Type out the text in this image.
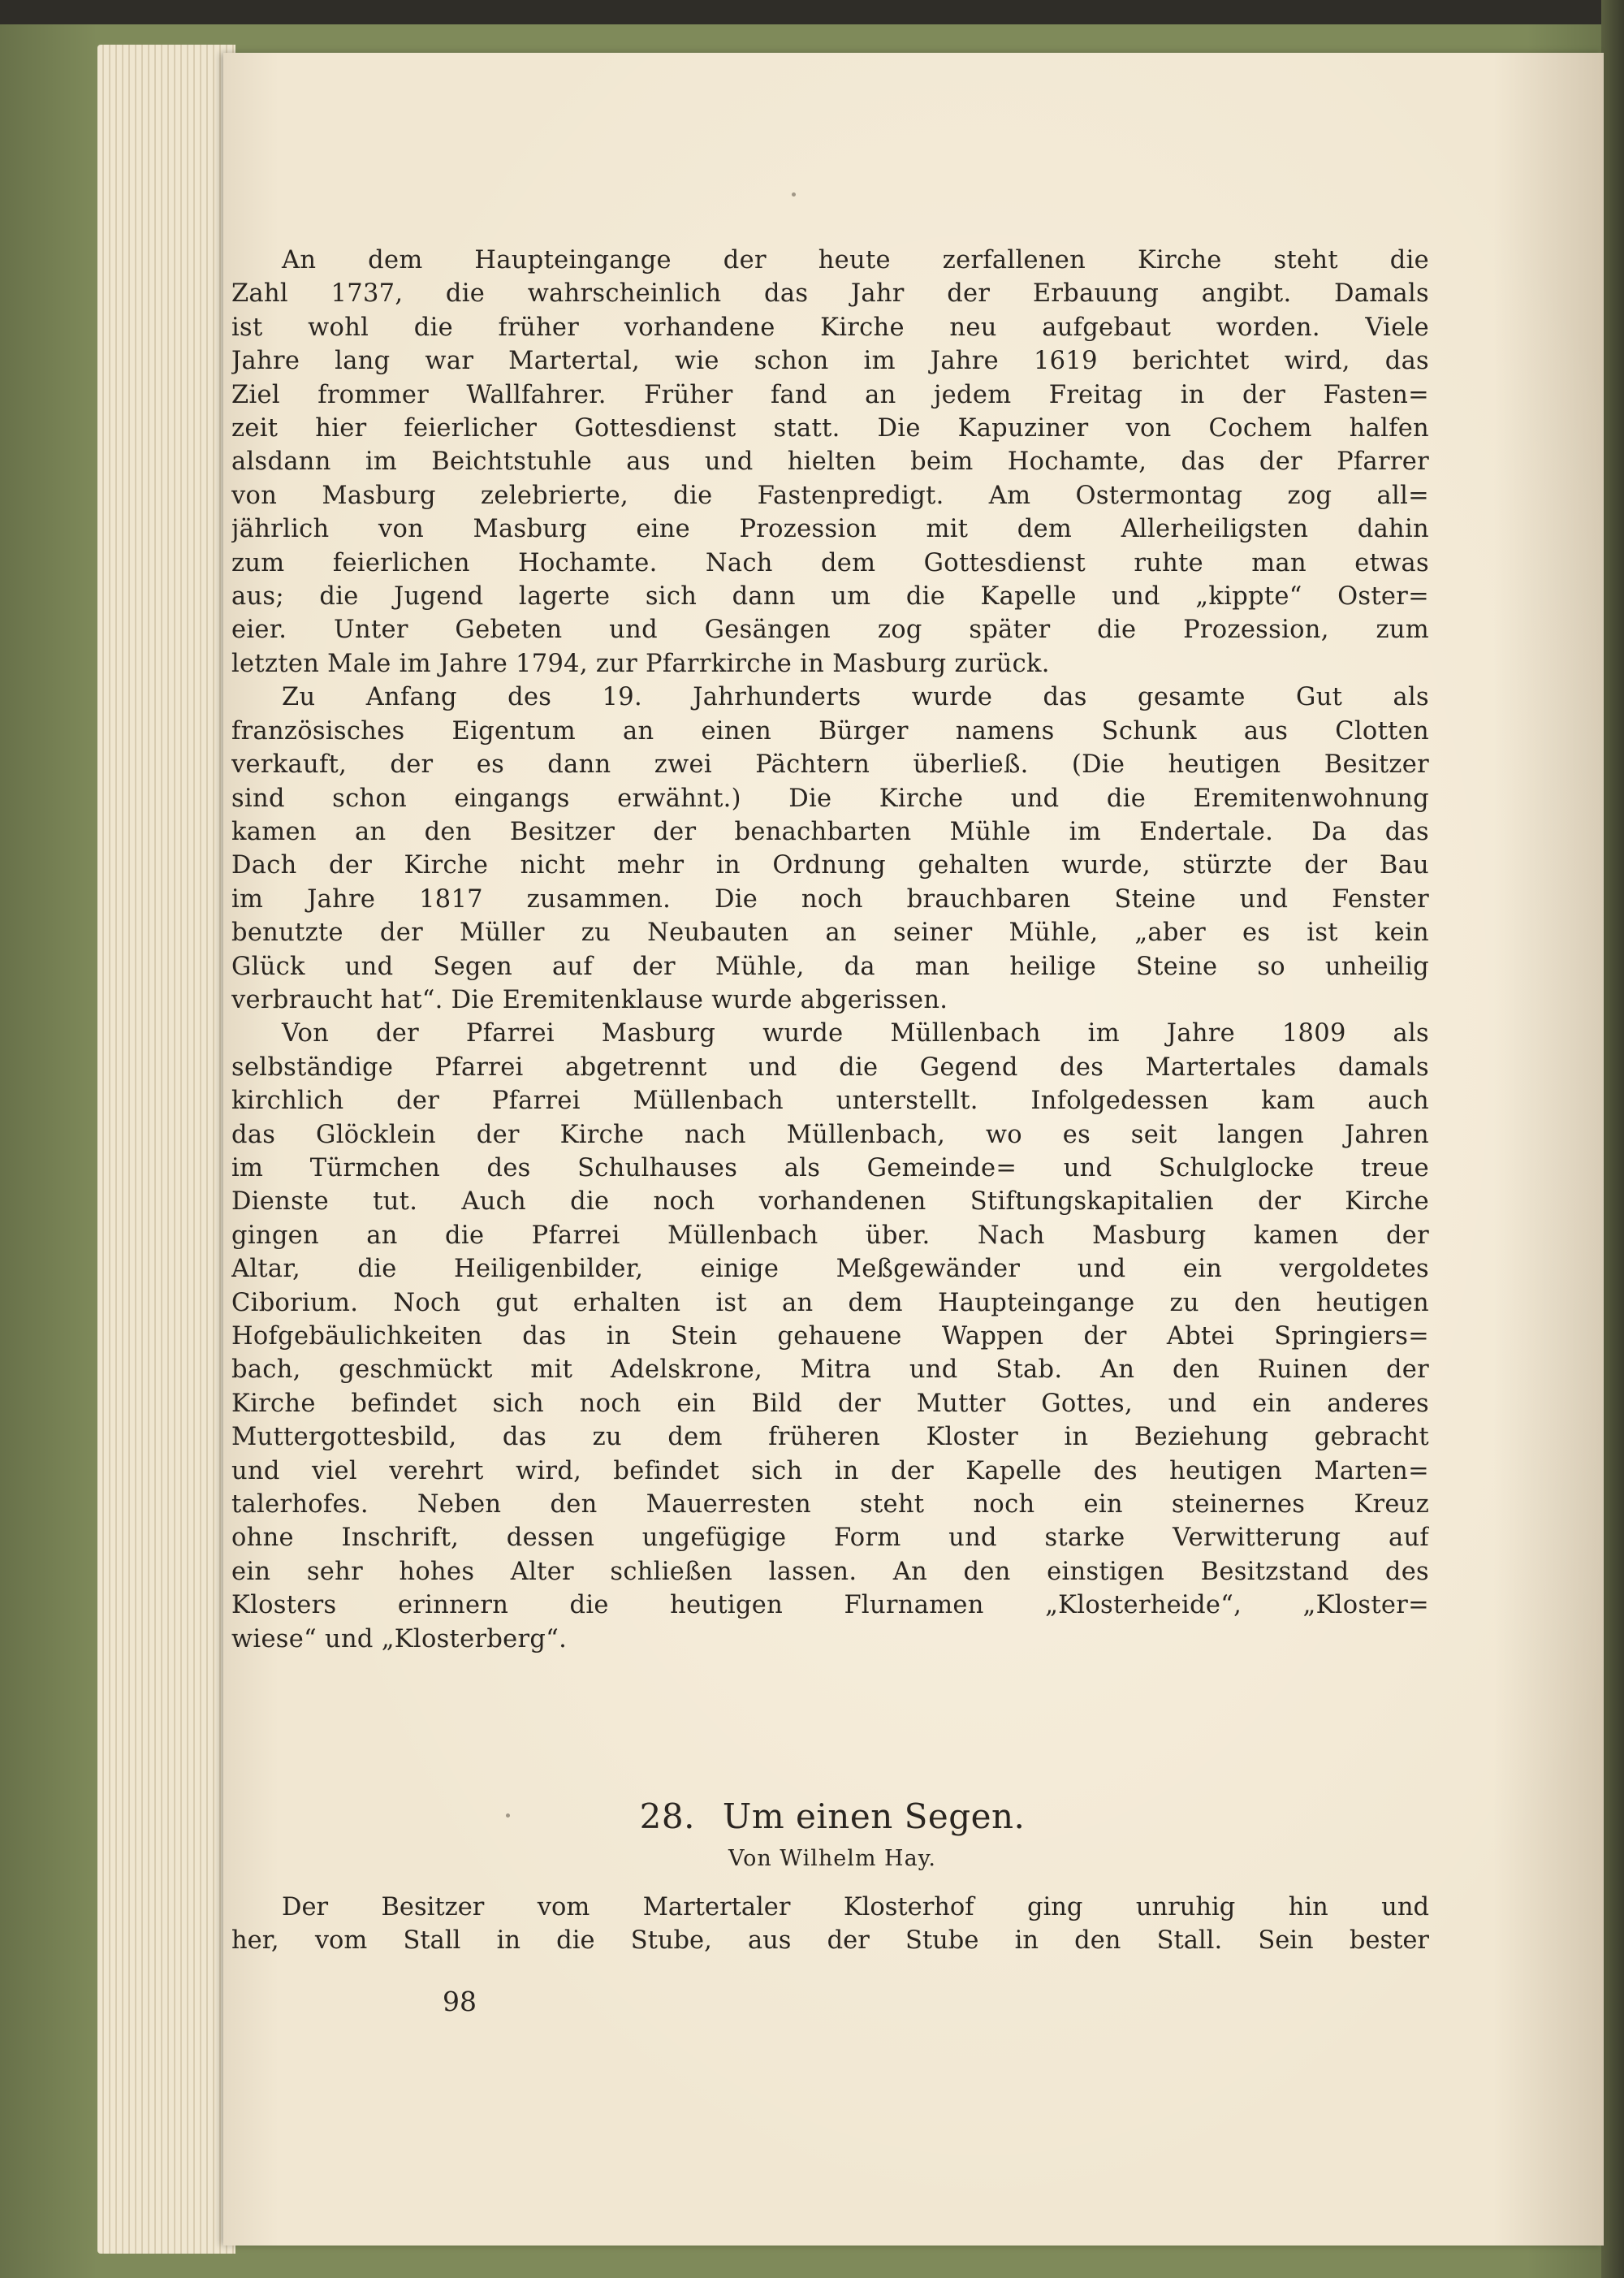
An dem Haupteingange der heute zerfallenen Kirche steht die
Zahl 1737, die wahrscheinlich das Jahr der Erbauung angibt. Damals
ist wohl die früher vorhandene Kirche neu aufgebaut worden. Viele
Jahre lang war Martertal, wie schon im Jahre 1619 berichtet wird, das
Ziel frommer Wallfahrer. Früher fand an jedem Freitag in der Fasten=
zeit hier feierlicher Gottesdienst statt. Die Kapuziner von Cochem halfen
alsdann im Beichtstuhle aus und hielten beim Hochamte, das der Pfarrer
von Masburg zelebrierte, die Fastenpredigt. Am Ostermontag zog all=
jährlich von Masburg eine Prozession mit dem Allerheiligsten dahin
zum feierlichen Hochamte. Nach dem Gottesdienst ruhte man etwas
aus; die Jugend lagerte sich dann um die Kapelle und „kippte“ Oster=
eier. Unter Gebeten und Gesängen zog später die Prozession, zum
letzten Male im Jahre 1794, zur Pfarrkirche in Masburg zurück.

Zu Anfang des 19. Jahrhunderts wurde das gesamte Gut als
französisches Eigentum an einen Bürger namens Schunk aus Clotten
verkauft, der es dann zwei Pächtern überließ. (Die heutigen Besitzer
sind schon eingangs erwähnt.) Die Kirche und die Eremitenwohnung
kamen an den Besitzer der benachbarten Mühle im Endertale. Da das
Dach der Kirche nicht mehr in Ordnung gehalten wurde, stürzte der Bau
im Jahre 1817 zusammen. Die noch brauchbaren Steine und Fenster
benutzte der Müller zu Neubauten an seiner Mühle, „aber es ist kein
Glück und Segen auf der Mühle, da man heilige Steine so unheilig
verbraucht hat“. Die Eremitenklause wurde abgerissen.

Von der Pfarrei Masburg wurde Müllenbach im Jahre 1809 als
selbständige Pfarrei abgetrennt und die Gegend des Martertales damals
kirchlich der Pfarrei Müllenbach unterstellt. Infolgedessen kam auch
das Glöcklein der Kirche nach Müllenbach, wo es seit langen Jahren
im Türmchen des Schulhauses als Gemeinde= und Schulglocke treue
Dienste tut. Auch die noch vorhandenen Stiftungskapitalien der Kirche
gingen an die Pfarrei Müllenbach über. Nach Masburg kamen der
Altar, die Heiligenbilder, einige Meßgewänder und ein vergoldetes
Ciborium. Noch gut erhalten ist an dem Haupteingange zu den heutigen
Hofgebäulichkeiten das in Stein gehauene Wappen der Abtei Springiers=
bach, geschmückt mit Adelskrone, Mitra und Stab. An den Ruinen der
Kirche befindet sich noch ein Bild der Mutter Gottes, und ein anderes
Muttergottesbild, das zu dem früheren Kloster in Beziehung gebracht
und viel verehrt wird, befindet sich in der Kapelle des heutigen Marten=
talerhofes. Neben den Mauerresten steht noch ein steinernes Kreuz
ohne Inschrift, dessen ungefügige Form und starke Verwitterung auf
ein sehr hohes Alter schließen lassen. An den einstigen Besitzstand des
Klosters erinnern die heutigen Flurnamen „Klosterheide“, „Kloster=
wiese“ und „Klosterberg“.

28. Um einen Segen.
Von Wilhelm Hay.

Der Besitzer vom Martertaler Klosterhof ging unruhig hin und
her, vom Stall in die Stube, aus der Stube in den Stall. Sein bester

98
